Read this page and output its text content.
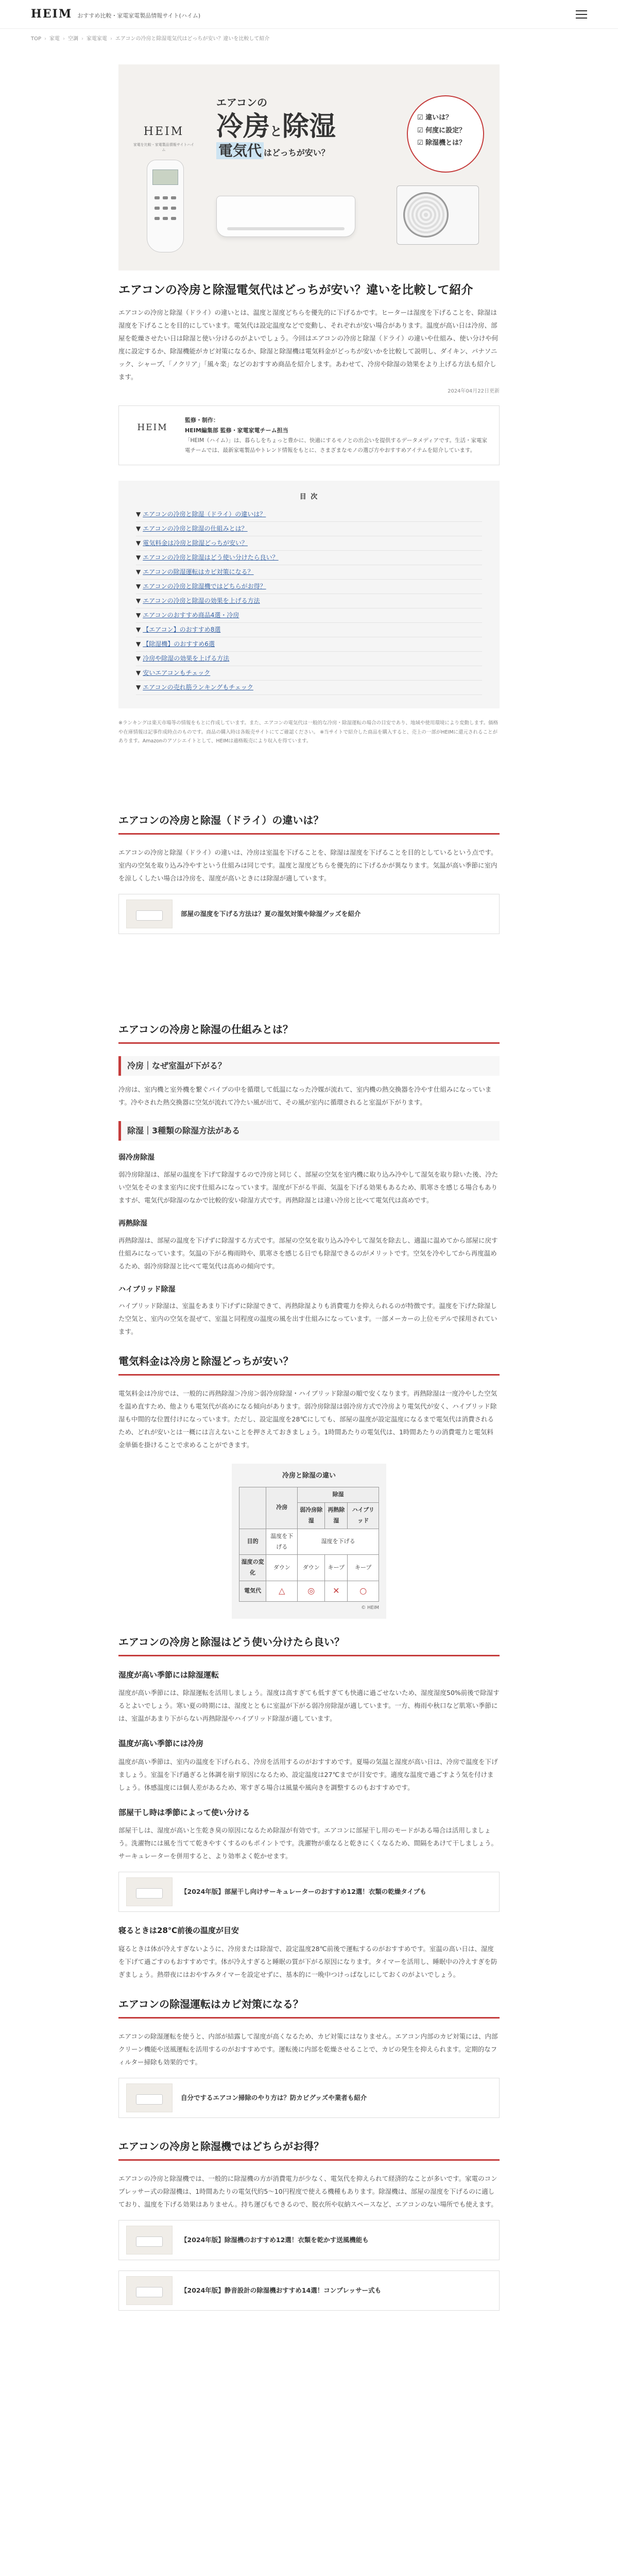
HEIM おすすめ比較・家電家電製品情報サイト(ハイム)
TOP › 家電 › 空調 › 家電家電 › エアコンの冷房と除湿電気代はどっちが安い？違いを比較して紹介
HEIM
家電を比較・家電製品情報サイトハイム
エアコンの
冷房と除湿
電気代 はどっちが安い？
☑ 違いは？
☑ 何度に設定？
☑ 除湿機とは？
エアコンの冷房と除湿電気代はどっちが安い？違いを比較して紹介

エアコンの冷房と除湿（ドライ）の違いとは、温度と湿度どちらを優先的に下げるかです。ヒーターは湿度を下げることを、除湿は湿度を下げることを目的にしています。電気代は設定温度などで変動し、それぞれが安い場合があります。温度が高い日は冷房、部屋を乾燥させたい日は除湿と使い分けるのがよいでしょう。今回はエアコンの冷房と除湿（ドライ）の違いや仕組み、使い分けや何度に設定するか、除湿機能がカビ対策になるか、除湿と除湿機は電気料金がどっちが安いかを比較して説明し、ダイキン、パナソニック、シャープ、「ノクリア」「風々楽」などのおすすめ商品を紹介します。あわせて、冷房や除湿の効果をより上げる方法も紹介します。

2024年04月22日更新
HEIM
監修・制作：
HEIM編集部 監修・家電家電チーム担当
「HEIM（ハイム）」は、暮らしをちょっと豊かに、快適にするモノとの出会いを提供するデータメディアです。生活・家電家電チームでは、最新家電製品やトレンド情報をもとに、さまざまなモノの選び方やおすすめアイテムを紹介しています。
目 次
▼ エアコンの冷房と除湿（ドライ）の違いは？
▼ エアコンの冷房と除湿の仕組みとは？
▼ 電気料金は冷房と除湿どっちが安い？
▼ エアコンの冷房と除湿はどう使い分けたら良い？
▼ エアコンの除湿運転はカビ対策になる？
▼ エアコンの冷房と除湿機ではどちらがお得？
▼ エアコンの冷房と除湿の効果を上げる方法
▼ エアコンのおすすめ商品4選・冷房
▼ 【エアコン】のおすすめ8選
▼ 【除湿機】のおすすめ6選
▼ 冷房や除湿の効果を上げる方法
▼ 安いエアコンもチェック
▼ エアコンの売れ筋ランキングもチェック

※ランキングは楽天市場等の情報をもとに作成しています。また、エアコンの電気代は一般的な冷房・除湿運転の場合の目安であり、地域や使用環境により変動します。価格や在庫情報は記事作成時点のものです。商品の購入時は各販売サイトにてご確認ください。 ※当サイトで紹介した商品を購入すると、売上の一部がHEIMに還元されることがあります。Amazonのアソシエイトとして、HEIMは適格販売により収入を得ています。

エアコンの冷房と除湿（ドライ）の違いは？

エアコンの冷房と除湿（ドライ）の違いは、冷房は室温を下げることを、除湿は湿度を下げることを目的としているという点です。室内の空気を取り込み冷やすという仕組みは同じです。温度と湿度どちらを優先的に下げるかが異なります。気温が高い季節に室内を涼しくしたい場合は冷房を、湿度が高いときには除湿が適しています。

部屋の湿度を下げる方法は？夏の湿気対策や除湿グッズを紹介
エアコンの冷房と除湿の仕組みとは？
冷房｜なぜ室温が下がる？

冷房は、室内機と室外機を繋ぐパイプの中を循環して低温になった冷媒が流れて、室内機の熱交換器を冷やす仕組みになっています。冷やされた熱交換器に空気が流れて冷たい風が出て、その風が室内に循環されると室温が下がります。

除湿｜3種類の除湿方法がある
弱冷房除湿

弱冷房除湿は、部屋の温度を下げて除湿するので冷房と同じく、部屋の空気を室内機に取り込み冷やして湿気を取り除いた後、冷たい空気をそのまま室内に戻す仕組みになっています。湿度が下がる半面、気温を下げる効果もあるため、肌寒さを感じる場合もありますが、電気代が除湿のなかで比較的安い除湿方式です。再熱除湿とは違い冷房と比べて電気代は高めです。

再熱除湿

再熱除湿は、部屋の温度を下げずに除湿する方式です。部屋の空気を取り込み冷やして湿気を除去し、適温に温めてから部屋に戻す仕組みになっています。気温の下がる梅雨時や、肌寒さを感じる日でも除湿できるのがメリットです。空気を冷やしてから再度温めるため、弱冷房除湿と比べて電気代は高めの傾向です。

ハイブリッド除湿

ハイブリッド除湿は、室温をあまり下げずに除湿できて、再熱除湿よりも消費電力を抑えられるのが特徴です。温度を下げた除湿した空気と、室内の空気を混ぜて、室温と同程度の温度の風を出す仕組みになっています。一部メーカーの上位モデルで採用されています。

電気料金は冷房と除湿どっちが安い？

電気料金は冷房では、一般的に再熱除湿＞冷房＞弱冷房除湿・ハイブリッド除湿の順で安くなります。再熱除湿は一度冷やした空気を温め直すため、他よりも電気代が高めになる傾向があります。弱冷房除湿は弱冷房方式で冷房より電気代が安く、ハイブリッド除湿も中間的な位置付けになっています。ただし、設定温度を28℃にしても、部屋の温度が設定温度になるまで電気代は消費されるため、どれが安いとは一概には言えないことを押さえておきましょう。1時間あたりの電気代は、1時間あたりの消費電力と電気料金単価を掛けることで求めることができます。

冷房と除湿の違い
	冷房	除湿		
		弱冷房除湿	再熱除湿	ハイブリッド
目的	温度を下げる	湿度を下げる		
湿度の変化	ダウン	ダウン	キープ	キープ
電気代	△	◎	✕	○
© HEIM
エアコンの冷房と除湿はどう使い分けたら良い？
湿度が高い季節には除湿運転

湿度が高い季節には、除湿運転を活用しましょう。湿度は高すぎても低すぎても快適に過ごせないため、湿度湿度50%前後で除湿するとよいでしょう。寒い夏の時期には、湿度とともに室温が下がる弱冷房除湿が適しています。一方、梅雨や秋口など肌寒い季節には、室温があまり下がらない再熱除湿やハイブリッド除湿が適しています。

温度が高い季節には冷房

温度が高い季節は、室内の温度を下げられる、冷房を活用するのがおすすめです。夏場の気温と湿度が高い日は、冷房で温度を下げましょう。室温を下げ過ぎると体調を崩す原因になるため、設定温度は27℃までが目安です。適度な温度で過ごすよう気を付けましょう。体感温度には個人差があるため、寒すぎる場合は風量や風向きを調整するのもおすすめです。

部屋干し時は季節によって使い分ける

部屋干しは、湿度が高いと生乾き臭の原因になるため除湿が有効です。エアコンに部屋干し用のモードがある場合は活用しましょう。洗濯物には風を当てて乾きやすくするのもポイントです。洗濯物が重なると乾きにくくなるため、間隔をあけて干しましょう。サーキュレーターを併用すると、より効率よく乾かせます。

【2024年版】部屋干し向けサーキュレーターのおすすめ12選！衣類の乾燥タイプも
寝るときは28℃前後の温度が目安

寝るときは体が冷えすぎないように、冷房または除湿で、設定温度28℃前後で運転するのがおすすめです。室温の高い日は、湿度を下げて過ごすのもおすすめです。体が冷えすぎると睡眠の質が下がる原因になります。タイマーを活用し、睡眠中の冷えすぎを防ぎましょう。熱帯夜にはおやすみタイマーを設定せずに、基本的に一晩中つけっぱなしにしておくのがよいでしょう。

エアコンの除湿運転はカビ対策になる？

エアコンの除湿運転を使うと、内部が結露して湿度が高くなるため、カビ対策にはなりません。エアコン内部のカビ対策には、内部クリーン機能や送風運転を活用するのがおすすめです。運転後に内部を乾燥させることで、カビの発生を抑えられます。定期的なフィルター掃除も効果的です。

自分でするエアコン掃除のやり方は？防カビグッズや業者も紹介
エアコンの冷房と除湿機ではどちらがお得？

エアコンの冷房と除湿機では、一般的に除湿機の方が消費電力が少なく、電気代を抑えられて経済的なことが多いです。家電のコンプレッサー式の除湿機は、1時間あたりの電気代約5〜10円程度で使える機種もあります。除湿機は、部屋の湿度を下げるのに適しており、温度を下げる効果はありません。持ち運びもできるので、脱衣所や収納スペースなど、エアコンのない場所でも使えます。

【2024年版】除湿機のおすすめ12選！衣類を乾かす送風機能も
【2024年版】静音設計の除湿機おすすめ14選！コンプレッサー式も
